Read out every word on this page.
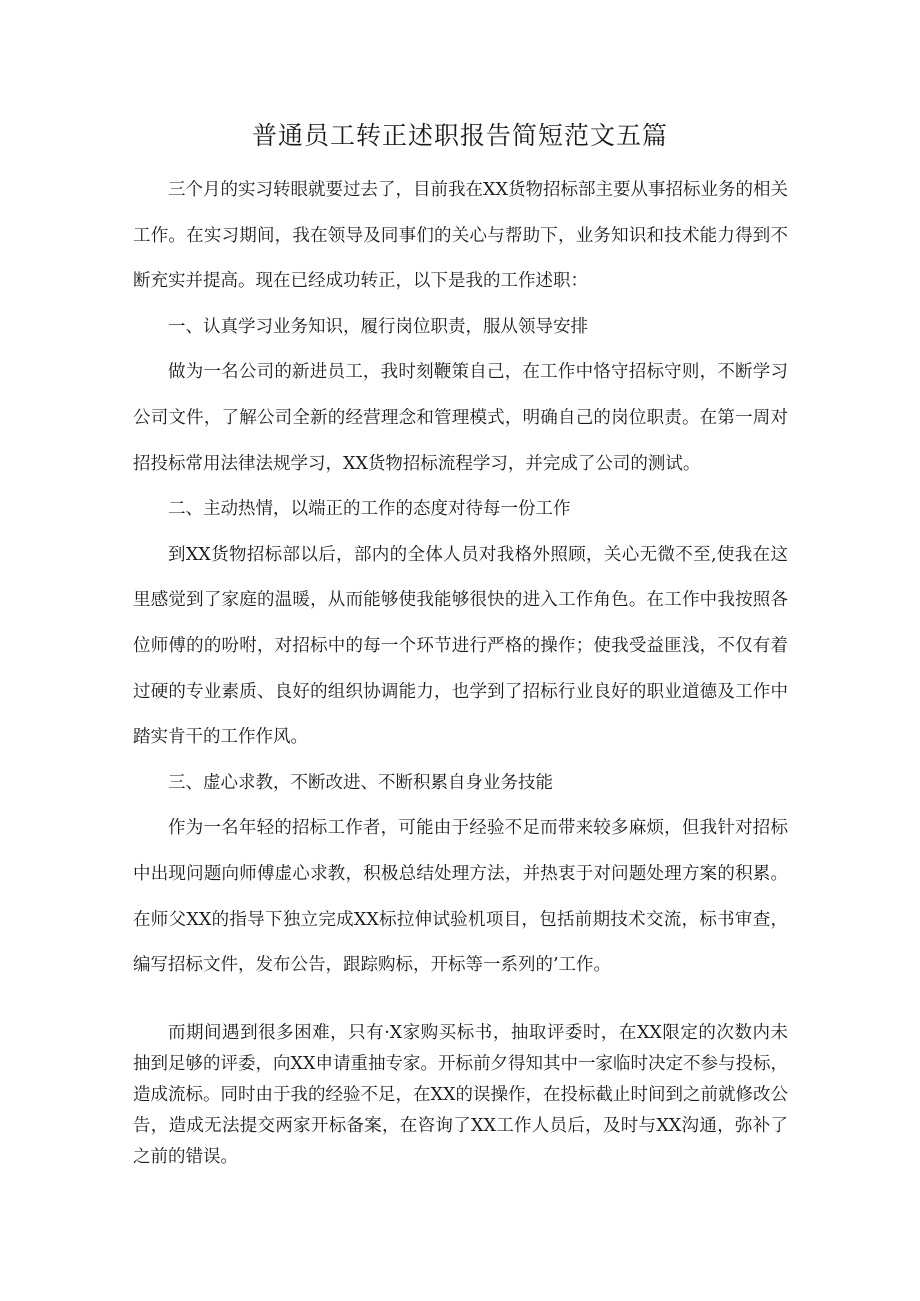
普通员工转正述职报告简短范文五篇

三个月的实习转眼就要过去了，目前我在XX货物招标部主要从事招标业务的相关工作。在实习期间，我在领导及同事们的关心与帮助下，业务知识和技术能力得到不断充实并提高。现在已经成功转正，以下是我的工作述职：

一、认真学习业务知识，履行岗位职责，服从领导安排

做为一名公司的新进员工，我时刻鞭策自己，在工作中恪守招标守则，不断学习公司文件，了解公司全新的经营理念和管理模式，明确自己的岗位职责。在第一周对招投标常用法律法规学习，XX货物招标流程学习，并完成了公司的测试。

二、主动热情，以端正的工作的态度对待每一份工作

到XX货物招标部以后，部内的全体人员对我格外照顾，关心无微不至,使我在这里感觉到了家庭的温暖，从而能够使我能够很快的进入工作角色。在工作中我按照各位师傅的的吩咐，对招标中的每一个环节进行严格的操作；使我受益匪浅，不仅有着过硬的专业素质、良好的组织协调能力，也学到了招标行业良好的职业道德及工作中踏实肯干的工作作风。

三、虚心求教，不断改进、不断积累自身业务技能

作为一名年轻的招标工作者，可能由于经验不足而带来较多麻烦，但我针对招标中出现问题向师傅虚心求教，积极总结处理方法，并热衷于对问题处理方案的积累。在师父XX的指导下独立完成XX标拉伸试验机项目，包括前期技术交流，标书审查，编写招标文件，发布公告，跟踪购标，开标等一系列的’工作。

而期间遇到很多困难，只有·X家购买标书，抽取评委时，在XX限定的次数内未抽到足够的评委，向XX申请重抽专家。开标前夕得知其中一家临时决定不参与投标，造成流标。同时由于我的经验不足，在XX的误操作，在投标截止时间到之前就修改公告，造成无法提交两家开标备案，在咨询了XX工作人员后，及时与XX沟通，弥补了之前的错误。
